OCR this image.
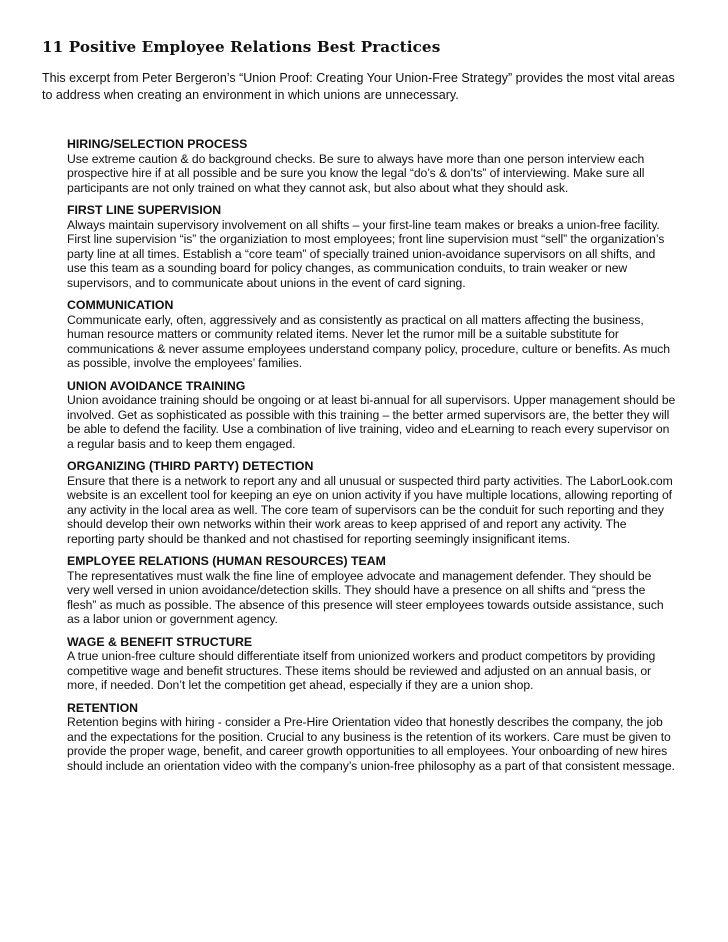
11 Positive Employee Relations Best Practices

This excerpt from Peter Bergeron’s “Union Proof: Creating Your Union-Free Strategy” provides the most vital areas to address when creating an environment in which unions are unnecessary.

HIRING/SELECTION PROCESS

Use extreme caution & do background checks. Be sure to always have more than one person interview each prospective hire if at all possible and be sure you know the legal “do’s & don’ts” of interviewing. Make sure all participants are not only trained on what they cannot ask, but also about what they should ask.

FIRST LINE SUPERVISION

Always maintain supervisory involvement on all shifts – your first-line team makes or breaks a union-free facility. First line supervision “is” the organiziation to most employees; front line supervision must “sell” the organization’s party line at all times. Establish a “core team” of specially trained union-avoidance supervisors on all shifts, and use this team as a sounding board for policy changes, as communication conduits, to train weaker or new supervisors, and to communicate about unions in the event of card signing.

COMMUNICATION

Communicate early, often, aggressively and as consistently as practical on all matters affecting the business, human resource matters or community related items. Never let the rumor mill be a suitable substitute for communications & never assume employees understand company policy, procedure, culture or benefits. As much as possible, involve the employees’ families.

UNION AVOIDANCE TRAINING

Union avoidance training should be ongoing or at least bi-annual for all supervisors. Upper management should be involved. Get as sophisticated as possible with this training – the better armed supervisors are, the better they will be able to defend the facility. Use a combination of live training, video and eLearning to reach every supervisor on a regular basis and to keep them engaged.

ORGANIZING (THIRD PARTY) DETECTION

Ensure that there is a network to report any and all unusual or suspected third party activities. The LaborLook.com website is an excellent tool for keeping an eye on union activity if you have multiple locations, allowing reporting of any activity in the local area as well. The core team of supervisors can be the conduit for such reporting and they should develop their own networks within their work areas to keep apprised of and report any activity. The reporting party should be thanked and not chastised for reporting seemingly insignificant items.

EMPLOYEE RELATIONS (HUMAN RESOURCES) TEAM

The representatives must walk the fine line of employee advocate and management defender. They should be very well versed in union avoidance/detection skills. They should have a presence on all shifts and “press the flesh” as much as possible. The absence of this presence will steer employees towards outside assistance, such as a labor union or government agency.

WAGE & BENEFIT STRUCTURE

A true union-free culture should differentiate itself from unionized workers and product competitors by providing competitive wage and benefit structures. These items should be reviewed and adjusted on an annual basis, or more, if needed. Don’t let the competition get ahead, especially if they are a union shop.

RETENTION

Retention begins with hiring - consider a Pre-Hire Orientation video that honestly describes the company, the job and the expectations for the position. Crucial to any business is the retention of its workers. Care must be given to provide the proper wage, benefit, and career growth opportunities to all employees. Your onboarding of new hires should include an orientation video with the company’s union-free philosophy as a part of that consistent message.
